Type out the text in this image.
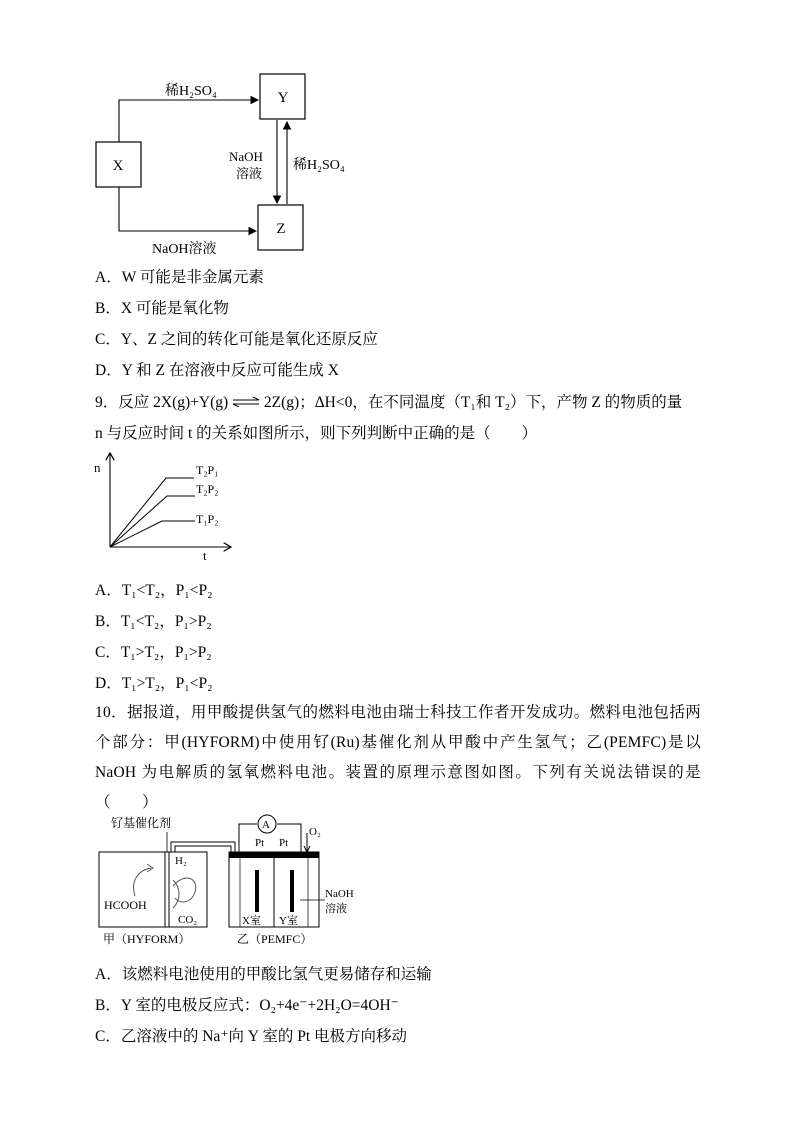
X
Y
Z
稀H₂SO₄
NaOH溶液
NaOH
溶液
稀H₂SO₄
A．W 可能是非金属元素
B．X 可能是氧化物
C．Y、Z 之间的转化可能是氧化还原反应
D．Y 和 Z 在溶液中反应可能生成 X
9．反应 2X(g)+Y(g) ⇌ 2Z(g)；ΔH<0，在不同温度（T₁和 T₂）下，产物 Z 的物质的量
n 与反应时间 t 的关系如图所示，则下列判断中正确的是（　　）
n
t
T₂P₁
T₂P₂
T₁P₂
A．T₁<T₂，P₁<P₂
B．T₁<T₂，P₁>P₂
C．T₁>T₂，P₁>P₂
D．T₁>T₂，P₁<P₂
10．据报道，用甲酸提供氢气的燃料电池由瑞士科技工作者开发成功。燃料电池包括两个部分：甲(HYFORM)中使用钌(Ru)基催化剂从甲酸中产生氢气；乙(PEMFC)是以 NaOH 为电解质的氢氧燃料电池。装置的原理示意图如图。下列有关说法错误的是（　　）
钌基催化剂
HCOOH
H₂
CO₂
A
Pt Pt
O₂
X室 Y室
NaOH
溶液
甲（HYFORM）	乙（PEMFC）
A．该燃料电池使用的甲酸比氢气更易储存和运输
B．Y 室的电极反应式：O₂+4e⁻+2H₂O=4OH⁻
C．乙溶液中的 Na⁺向 Y 室的 Pt 电极方向移动
